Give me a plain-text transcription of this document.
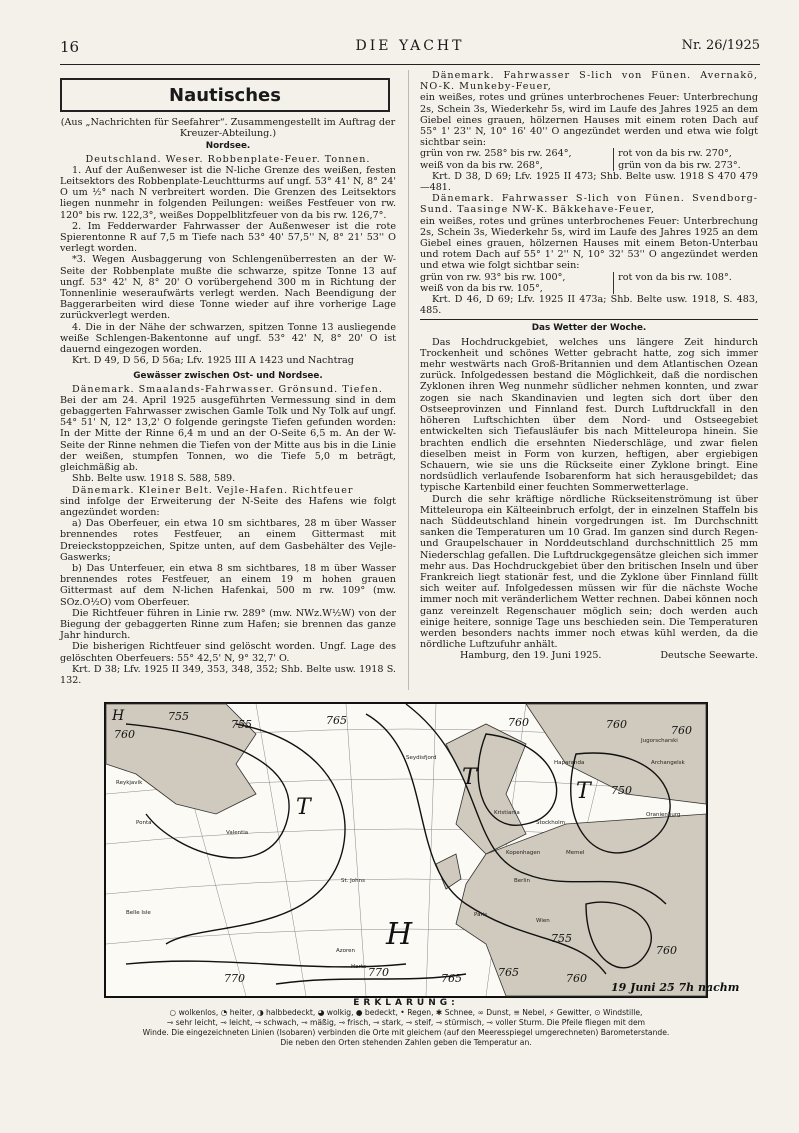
16	DIE YACHT	Nr. 26/1925
Nautisches

(Aus „Nachrichten für Seefahrer“. Zusammengestellt im Auftrag der Kreuzer-Abteilung.)

Nordsee.

Deutschland. Weser. Robbenplate-Feuer. Tonnen.

1. Auf der Außenweser ist die N-liche Grenze des weißen, festen Leitsektors des Robbenplate-Leuchtturms auf ungf. 53° 41' N, 8° 24' O um ½° nach N verbreitert worden. Die Grenzen des Leitsektors liegen nunmehr in folgenden Peilungen: weißes Festfeuer von rw. 120° bis rw. 122,3°, weißes Doppelblitzfeuer von da bis rw. 126,7°.

2. Im Fedderwarder Fahrwasser der Außenweser ist die rote Spierentonne R auf 7,5 m Tiefe nach 53° 40' 57,5'' N, 8° 21' 53'' O verlegt worden.

*3. Wegen Ausbaggerung von Schlengenüberresten an der W-Seite der Robbenplate mußte die schwarze, spitze Tonne 13 auf ungf. 53° 42' N, 8° 20' O vorübergehend 300 m in Richtung der Tonnenlinie weseraufwärts verlegt werden. Nach Beendigung der Baggerarbeiten wird diese Tonne wieder auf ihre vorherige Lage zurückverlegt werden.

4. Die in der Nähe der schwarzen, spitzen Tonne 13 ausliegende weiße Schlengen-Bakentonne auf ungf. 53° 42' N, 8° 20' O ist dauernd eingezogen worden.

Krt. D 49, D 56, D 56a; Lfv. 1925 III A 1423 und Nachtrag

Gewässer zwischen Ost- und Nordsee.

Dänemark. Smaalands-Fahrwasser. Grönsund. Tiefen.

Bei der am 24. April 1925 ausgeführten Vermessung sind in dem gebaggerten Fahrwasser zwischen Gamle Tolk und Ny Tolk auf ungf. 54° 51' N, 12° 13,2' O folgende geringste Tiefen gefunden worden: In der Mitte der Rinne 6,4 m und an der O-Seite 6,5 m. An der W-Seite der Rinne nehmen die Tiefen von der Mitte aus bis in die Linie der weißen, stumpfen Tonnen, wo die Tiefe 5,0 m beträgt, gleichmäßig ab.

Shb. Belte usw. 1918 S. 588, 589.

Dänemark. Kleiner Belt. Vejle-Hafen. Richtfeuer

sind infolge der Erweiterung der N-Seite des Hafens wie folgt angezündet worden:

a) Das Oberfeuer, ein etwa 10 sm sichtbares, 28 m über Wasser brennendes rotes Festfeuer, an einem Gittermast mit Dreieckstoppzeichen, Spitze unten, auf dem Gasbehälter des Vejle-Gaswerks;

b) Das Unterfeuer, ein etwa 8 sm sichtbares, 18 m über Wasser brennendes rotes Festfeuer, an einem 19 m hohen grauen Gittermast auf dem N-lichen Hafenkai, 500 m rw. 109° (mw. SOz.O½O) vom Oberfeuer.

Die Richtfeuer führen in Linie rw. 289° (mw. NWz.W½W) von der Biegung der gebaggerten Rinne zum Hafen; sie brennen das ganze Jahr hindurch.

Die bisherigen Richtfeuer sind gelöscht worden. Ungf. Lage des gelöschten Oberfeuers: 55° 42,5' N, 9° 32,7' O.

Krt. D 38; Lfv. 1925 II 349, 353, 348, 352; Shb. Belte usw. 1918 S. 132.

Dänemark. Fahrwasser S-lich von Fünen. Avernakö, NO-K. Munkeby-Feuer,

ein weißes, rotes und grünes unterbrochenes Feuer: Unterbrechung 2s, Schein 3s, Wiederkehr 5s, wird im Laufe des Jahres 1925 an dem Giebel eines grauen, hölzernen Hauses mit einem roten Dach auf 55° 1' 23'' N, 10° 16' 40'' O angezündet werden und etwa wie folgt sichtbar sein:

grün von rw. 258° bis rw. 264°,
weiß von da bis rw. 268°,
rot von da bis rw. 270°,
grün von da bis rw. 273°.

Krt. D 38, D 69; Lfv. 1925 II 473; Shb. Belte usw. 1918 S 470 479—481.

Dänemark. Fahrwasser S-lich von Fünen. Svendborg-Sund. Taasinge NW-K. Bäkkehave-Feuer,

ein weißes, rotes und grünes unterbrochenes Feuer: Unterbrechung 2s, Schein 3s, Wiederkehr 5s, wird im Laufe des Jahres 1925 an dem Giebel eines grauen, hölzernen Hauses mit einem Beton-Unterbau und rotem Dach auf 55° 1' 2'' N, 10° 32' 53'' O angezündet werden und etwa wie folgt sichtbar sein:

grün von rw. 93° bis rw. 100°,
weiß von da bis rw. 105°,
rot von da bis rw. 108°.

Krt. D 46, D 69; Lfv. 1925 II 473a; Shb. Belte usw. 1918, S. 483, 485.

Das Wetter der Woche.

Das Hochdruckgebiet, welches uns längere Zeit hindurch Trockenheit und schönes Wetter gebracht hatte, zog sich immer mehr westwärts nach Groß-Britannien und dem Atlantischen Ozean zurück. Infolgedessen bestand die Möglichkeit, daß die nordischen Zyklonen ihren Weg nunmehr südlicher nehmen konnten, und zwar zogen sie nach Skandinavien und legten sich dort über den Ostseeprovinzen und Finnland fest. Durch Luftdruckfall in den höheren Luftschichten über dem Nord- und Ostseegebiet entwickelten sich Tiefausläufer bis nach Mitteleuropa hinein. Sie brachten endlich die ersehnten Niederschläge, und zwar fielen dieselben meist in Form von kurzen, heftigen, aber ergiebigen Schauern, wie sie uns die Rückseite einer Zyklone bringt. Eine nordsüdlich verlaufende Isobarenform hat sich herausgebildet; das typische Kartenbild einer feuchten Sommerwetterlage.

Durch die sehr kräftige nördliche Rückseitenströmung ist über Mitteleuropa ein Kälteeinbruch erfolgt, der in einzelnen Staffeln bis nach Süddeutschland hinein vorgedrungen ist. Im Durchschnitt sanken die Temperaturen um 10 Grad. Im ganzen sind durch Regen- und Graupelschauer in Norddeutschland durchschnittlich 25 mm Niederschlag gefallen. Die Luftdruckgegensätze gleichen sich immer mehr aus. Das Hochdruckgebiet über den britischen Inseln und über Frankreich liegt stationär fest, und die Zyklone über Finnland füllt sich weiter auf. Infolgedessen müssen wir für die nächste Woche immer noch mit veränderlichem Wetter rechnen. Dabei können noch ganz vereinzelt Regenschauer möglich sein; doch werden auch einige heitere, sonnige Tage uns beschieden sein. Die Temperaturen werden besonders nachts immer noch etwas kühl werden, da die nördliche Luftzufuhr anhält.

Hamburg, den 19. Juni 1925.	Deutsche Seewarte.
755
760
755	765	760	760	760
750
770	770	765	760
755
765
760
H
T
T
T
H
Reykjavik
Ponta
Valentia
St. Johns
Azoren
Horta
Seydisfjord
Kristiania
Stockholm
Haparanda
Memel
Berlin
Paris
Wien
Oranienburg
Jugorscharski
Archangelsk
Kopenhagen
Belle Isle
19 Juni 25 7h nachm
ERKLÄRUNG:
○ wolkenlos, ◔ heiter, ◑ halbbedeckt, ◕ wolkig, ● bedeckt, • Regen, ✱ Schnee, ∞ Dunst, ≡ Nebel, ⚡ Gewitter, ⊙ Windstille,
⊸ sehr leicht, ⊸ leicht, ⊸ schwach, ⊸ mäßig, ⊸ frisch, ⊸ stark, ⊸ steif, ⊸ stürmisch, ⊸ voller Sturm. Die Pfeile fliegen mit dem
Winde. Die eingezeichneten Linien (Isobaren) verbinden die Orte mit gleichem (auf den Meeresspiegel umgerechneten) Barometerstande.
Die neben den Orten stehenden Zahlen geben die Temperatur an.
